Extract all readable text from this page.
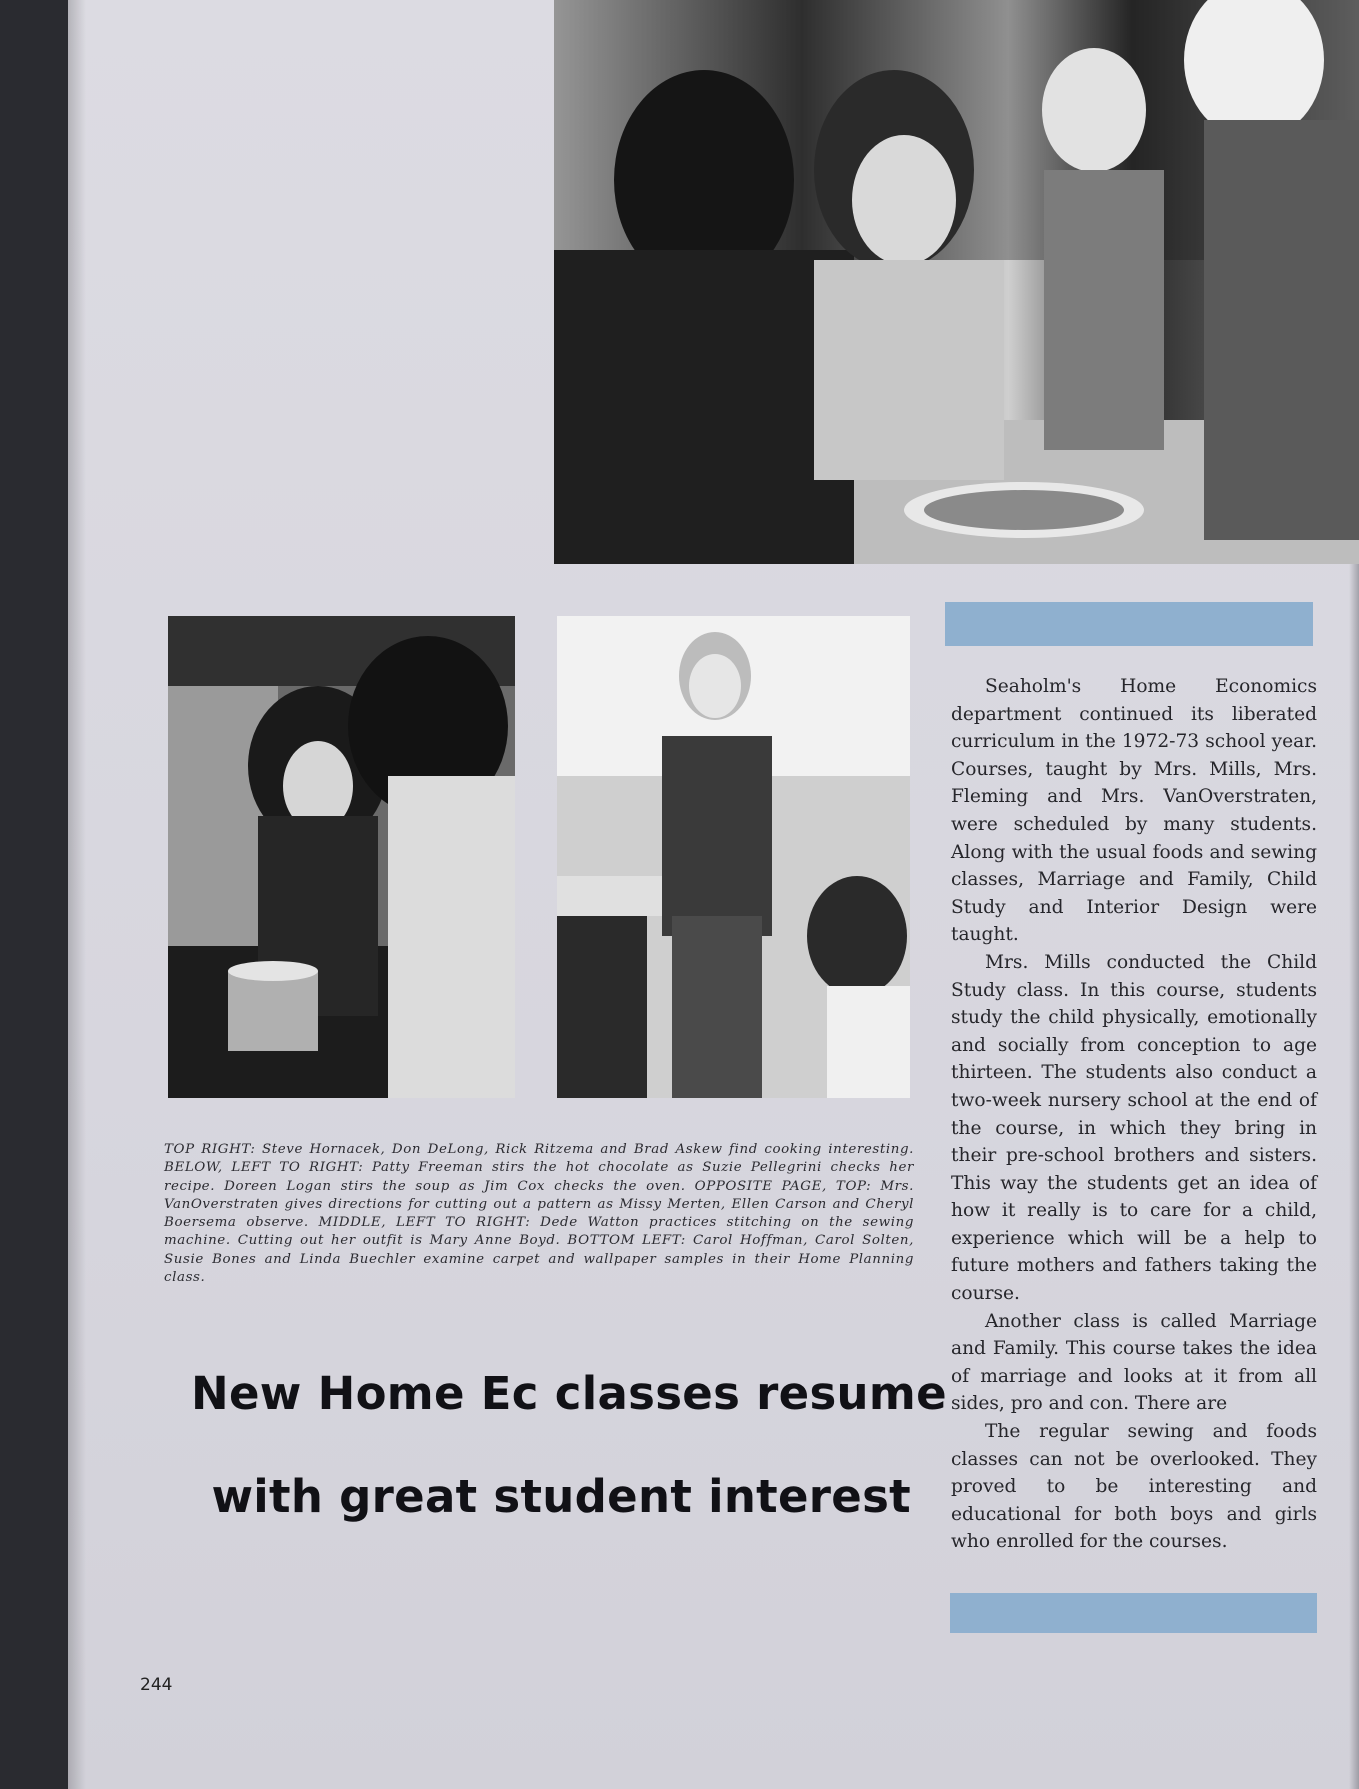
TOP RIGHT: Steve Hornacek, Don DeLong, Rick Ritzema and Brad Askew find cooking interesting. BELOW, LEFT TO RIGHT: Patty Freeman stirs the hot chocolate as Suzie Pellegrini checks her recipe. Doreen Logan stirs the soup as Jim Cox checks the oven. OPPOSITE PAGE, TOP: Mrs. VanOverstraten gives directions for cutting out a pattern as Missy Merten, Ellen Carson and Cheryl Boersema observe. MIDDLE, LEFT TO RIGHT: Dede Watton practices stitching on the sewing machine. Cutting out her outfit is Mary Anne Boyd. BOTTOM LEFT: Carol Hoffman, Carol Solten, Susie Bones and Linda Buechler examine carpet and wallpaper samples in their Home Planning class.
New Home Ec classes resume
with great student interest

Seaholm's Home Economics department continued its liberated curriculum in the 1972-73 school year. Courses, taught by Mrs. Mills, Mrs. Fleming and Mrs. VanOverstraten, were scheduled by many students. Along with the usual foods and sewing classes, Marriage and Family, Child Study and Interior Design were taught.

Mrs. Mills conducted the Child Study class. In this course, students study the child physically, emotionally and socially from conception to age thirteen. The students also conduct a two-week nursery school at the end of the course, in which they bring in their pre-school brothers and sisters. This way the students get an idea of how it really is to care for a child, experience which will be a help to future mothers and fathers taking the course.

Another class is called Marriage and Family. This course takes the idea of marriage and looks at it from all sides, pro and con. There are

The regular sewing and foods classes can not be overlooked. They proved to be interesting and educational for both boys and girls who enrolled for the courses.

244
